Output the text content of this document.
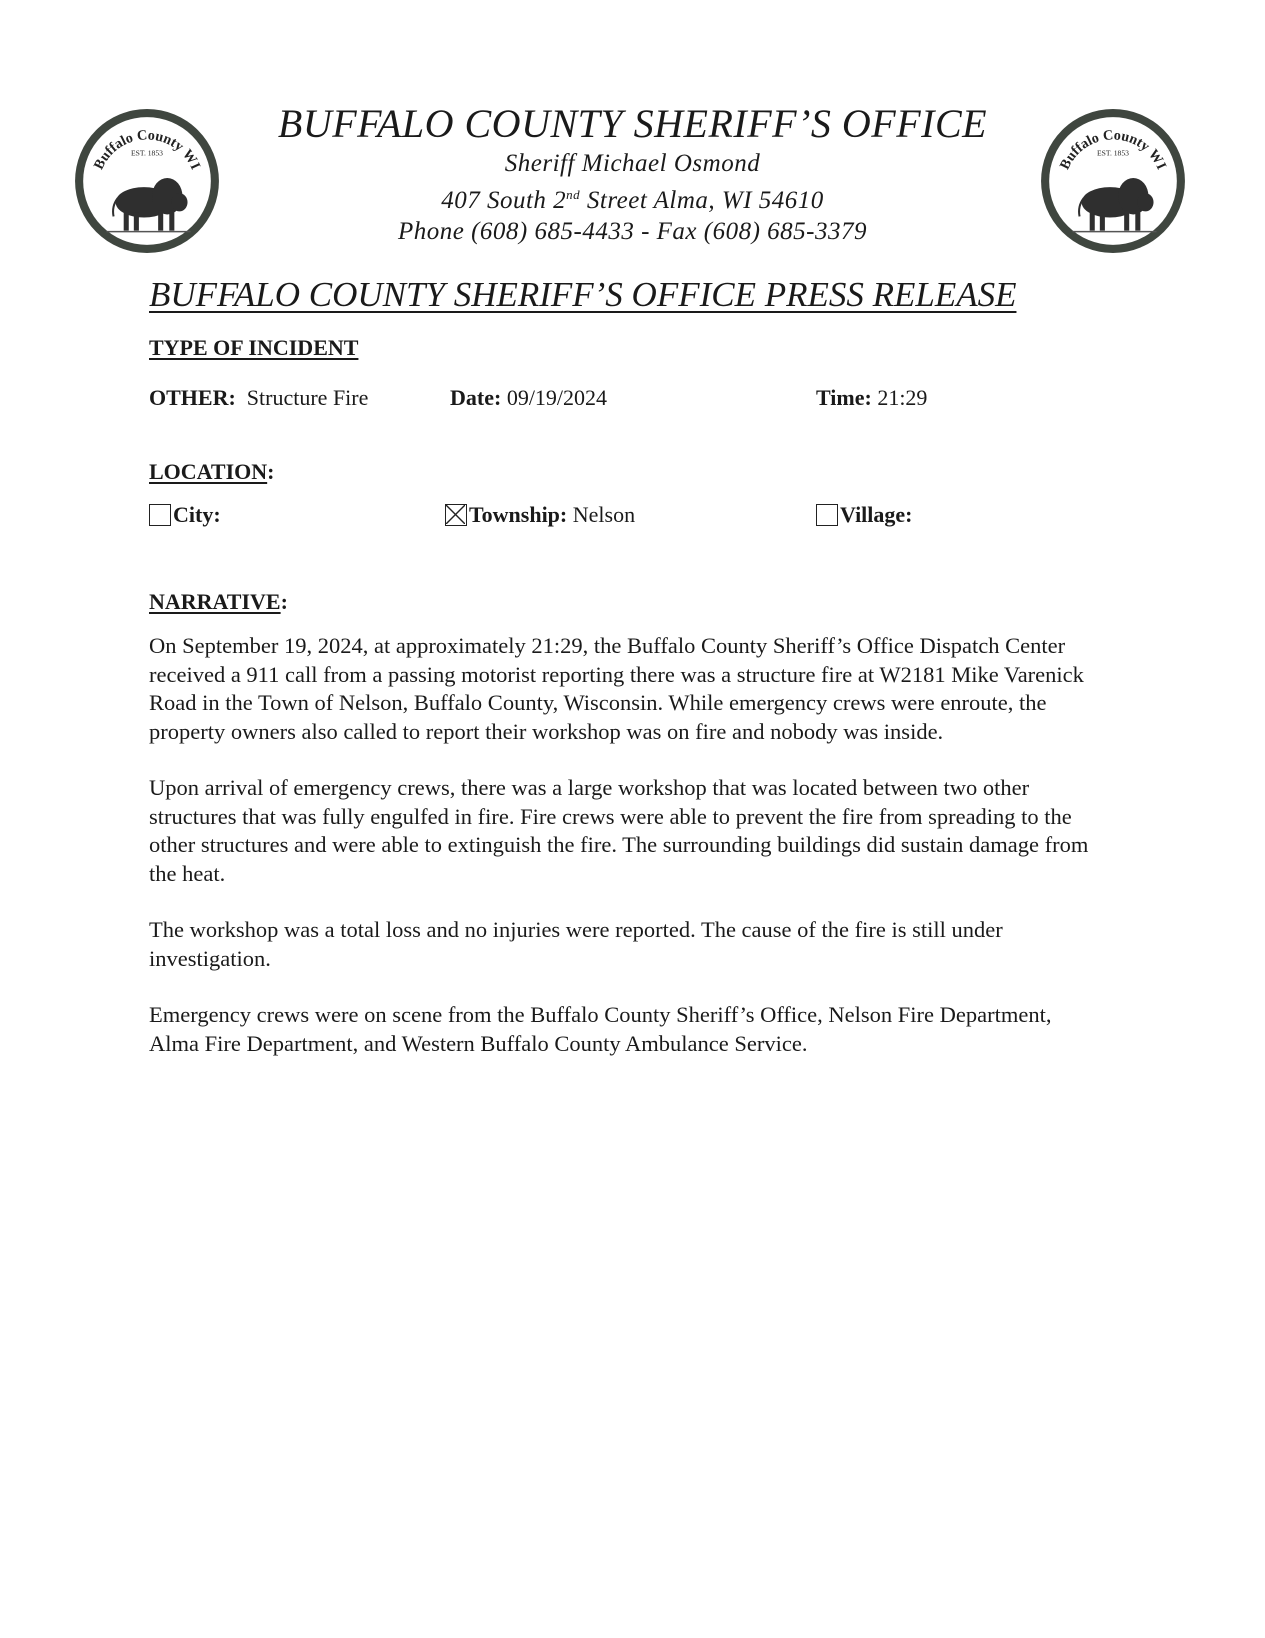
Buffalo County WI
EST. 1853
Buffalo County WI
EST. 1853
BUFFALO COUNTY SHERIFF’S OFFICE
Sheriff Michael Osmond
407 South 2nd Street Alma, WI 54610
Phone (608) 685-4433 - Fax (608) 685-3379
BUFFALO COUNTY SHERIFF’S OFFICE PRESS RELEASE
TYPE OF INCIDENT
OTHER: Structure Fire	Date: 09/19/2024	Time: 21:29
LOCATION:
City:	Township: Nelson	Village:
NARRATIVE:

On September 19, 2024, at approximately 21:29, the Buffalo County Sheriff’s Office Dispatch Center received a 911 call from a passing motorist reporting there was a structure fire at W2181 Mike Varenick Road in the Town of Nelson, Buffalo County, Wisconsin. While emergency crews were enroute, the property owners also called to report their workshop was on fire and nobody was inside.

Upon arrival of emergency crews, there was a large workshop that was located between two other structures that was fully engulfed in fire. Fire crews were able to prevent the fire from spreading to the other structures and were able to extinguish the fire. The surrounding buildings did sustain damage from the heat.

The workshop was a total loss and no injuries were reported. The cause of the fire is still under investigation.

Emergency crews were on scene from the Buffalo County Sheriff’s Office, Nelson Fire Department, Alma Fire Department, and Western Buffalo County Ambulance Service.
